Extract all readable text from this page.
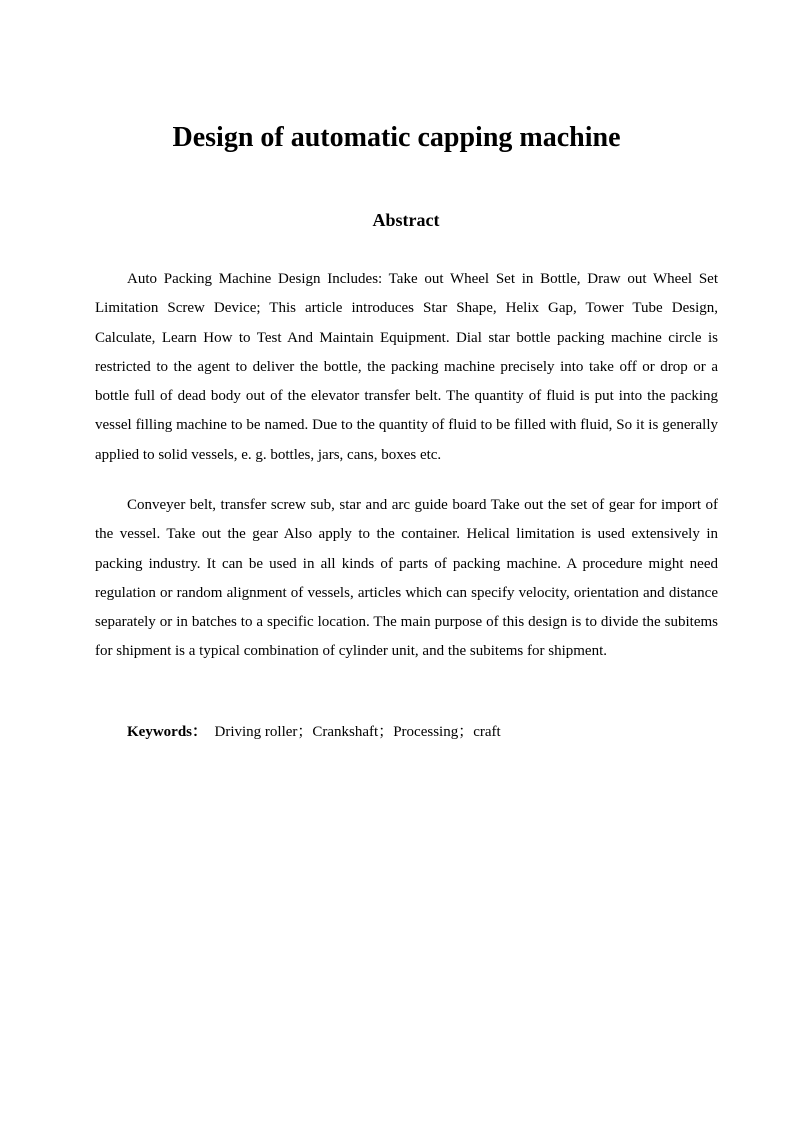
Design of automatic capping machine
Abstract

Auto Packing Machine Design Includes: Take out Wheel Set in Bottle, Draw out Wheel Set Limitation Screw Device; This article introduces Star Shape, Helix Gap, Tower Tube Design, Calculate, Learn How to Test And Maintain Equipment. Dial star bottle packing machine circle is restricted to the agent to deliver the bottle, the packing machine precisely into take off or drop or a bottle full of dead body out of the elevator transfer belt. The quantity of fluid is put into the packing vessel filling machine to be named. Due to the quantity of fluid to be filled with fluid, So it is generally applied to solid vessels, e. g. bottles, jars, cans, boxes etc.

Conveyer belt, transfer screw sub, star and arc guide board Take out the set of gear for import of the vessel. Take out the gear Also apply to the container. Helical limitation is used extensively in packing industry. It can be used in all kinds of parts of packing machine. A procedure might need regulation or random alignment of vessels, articles which can specify velocity, orientation and distance separately or in batches to a specific location. The main purpose of this design is to divide the subitems for shipment is a typical combination of cylinder unit, and the subitems for shipment.

Keywords： Driving roller；Crankshaft；Processing；craft
